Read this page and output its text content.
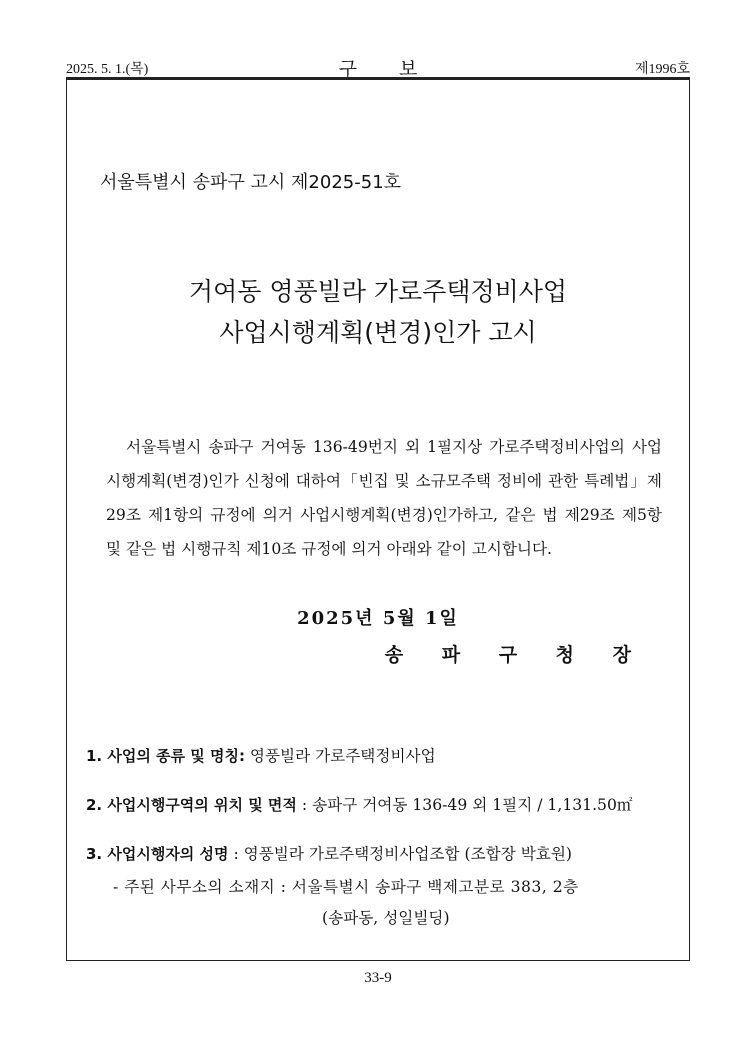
2025. 5. 1.(목)	구 보	제1996호
서울특별시 송파구 고시 제2025-51호
거여동 영풍빌라 가로주택정비사업
사업시행계획(변경)인가 고시
서울특별시 송파구 거여동 136-49번지 외 1필지상 가로주택정비사업의 사업시행계획(변경)인가 신청에 대하여「빈집 및 소규모주택 정비에 관한 특례법」제29조 제1항의 규정에 의거 사업시행계획(변경)인가하고, 같은 법 제29조 제5항 및 같은 법 시행규칙 제10조 규정에 의거 아래와 같이 고시합니다.
2025년 5월 1일
송 파 구 청 장
1. 사업의 종류 및 명칭: 영풍빌라 가로주택정비사업
2. 사업시행구역의 위치 및 면적 : 송파구 거여동 136-49 외 1필지 / 1,131.50㎡
3. 사업시행자의 성명 : 영풍빌라 가로주택정비사업조합 (조합장 박효원)
- 주된 사무소의 소재지 : 서울특별시 송파구 백제고분로 383, 2층
(송파동, 성일빌딩)
33-9
